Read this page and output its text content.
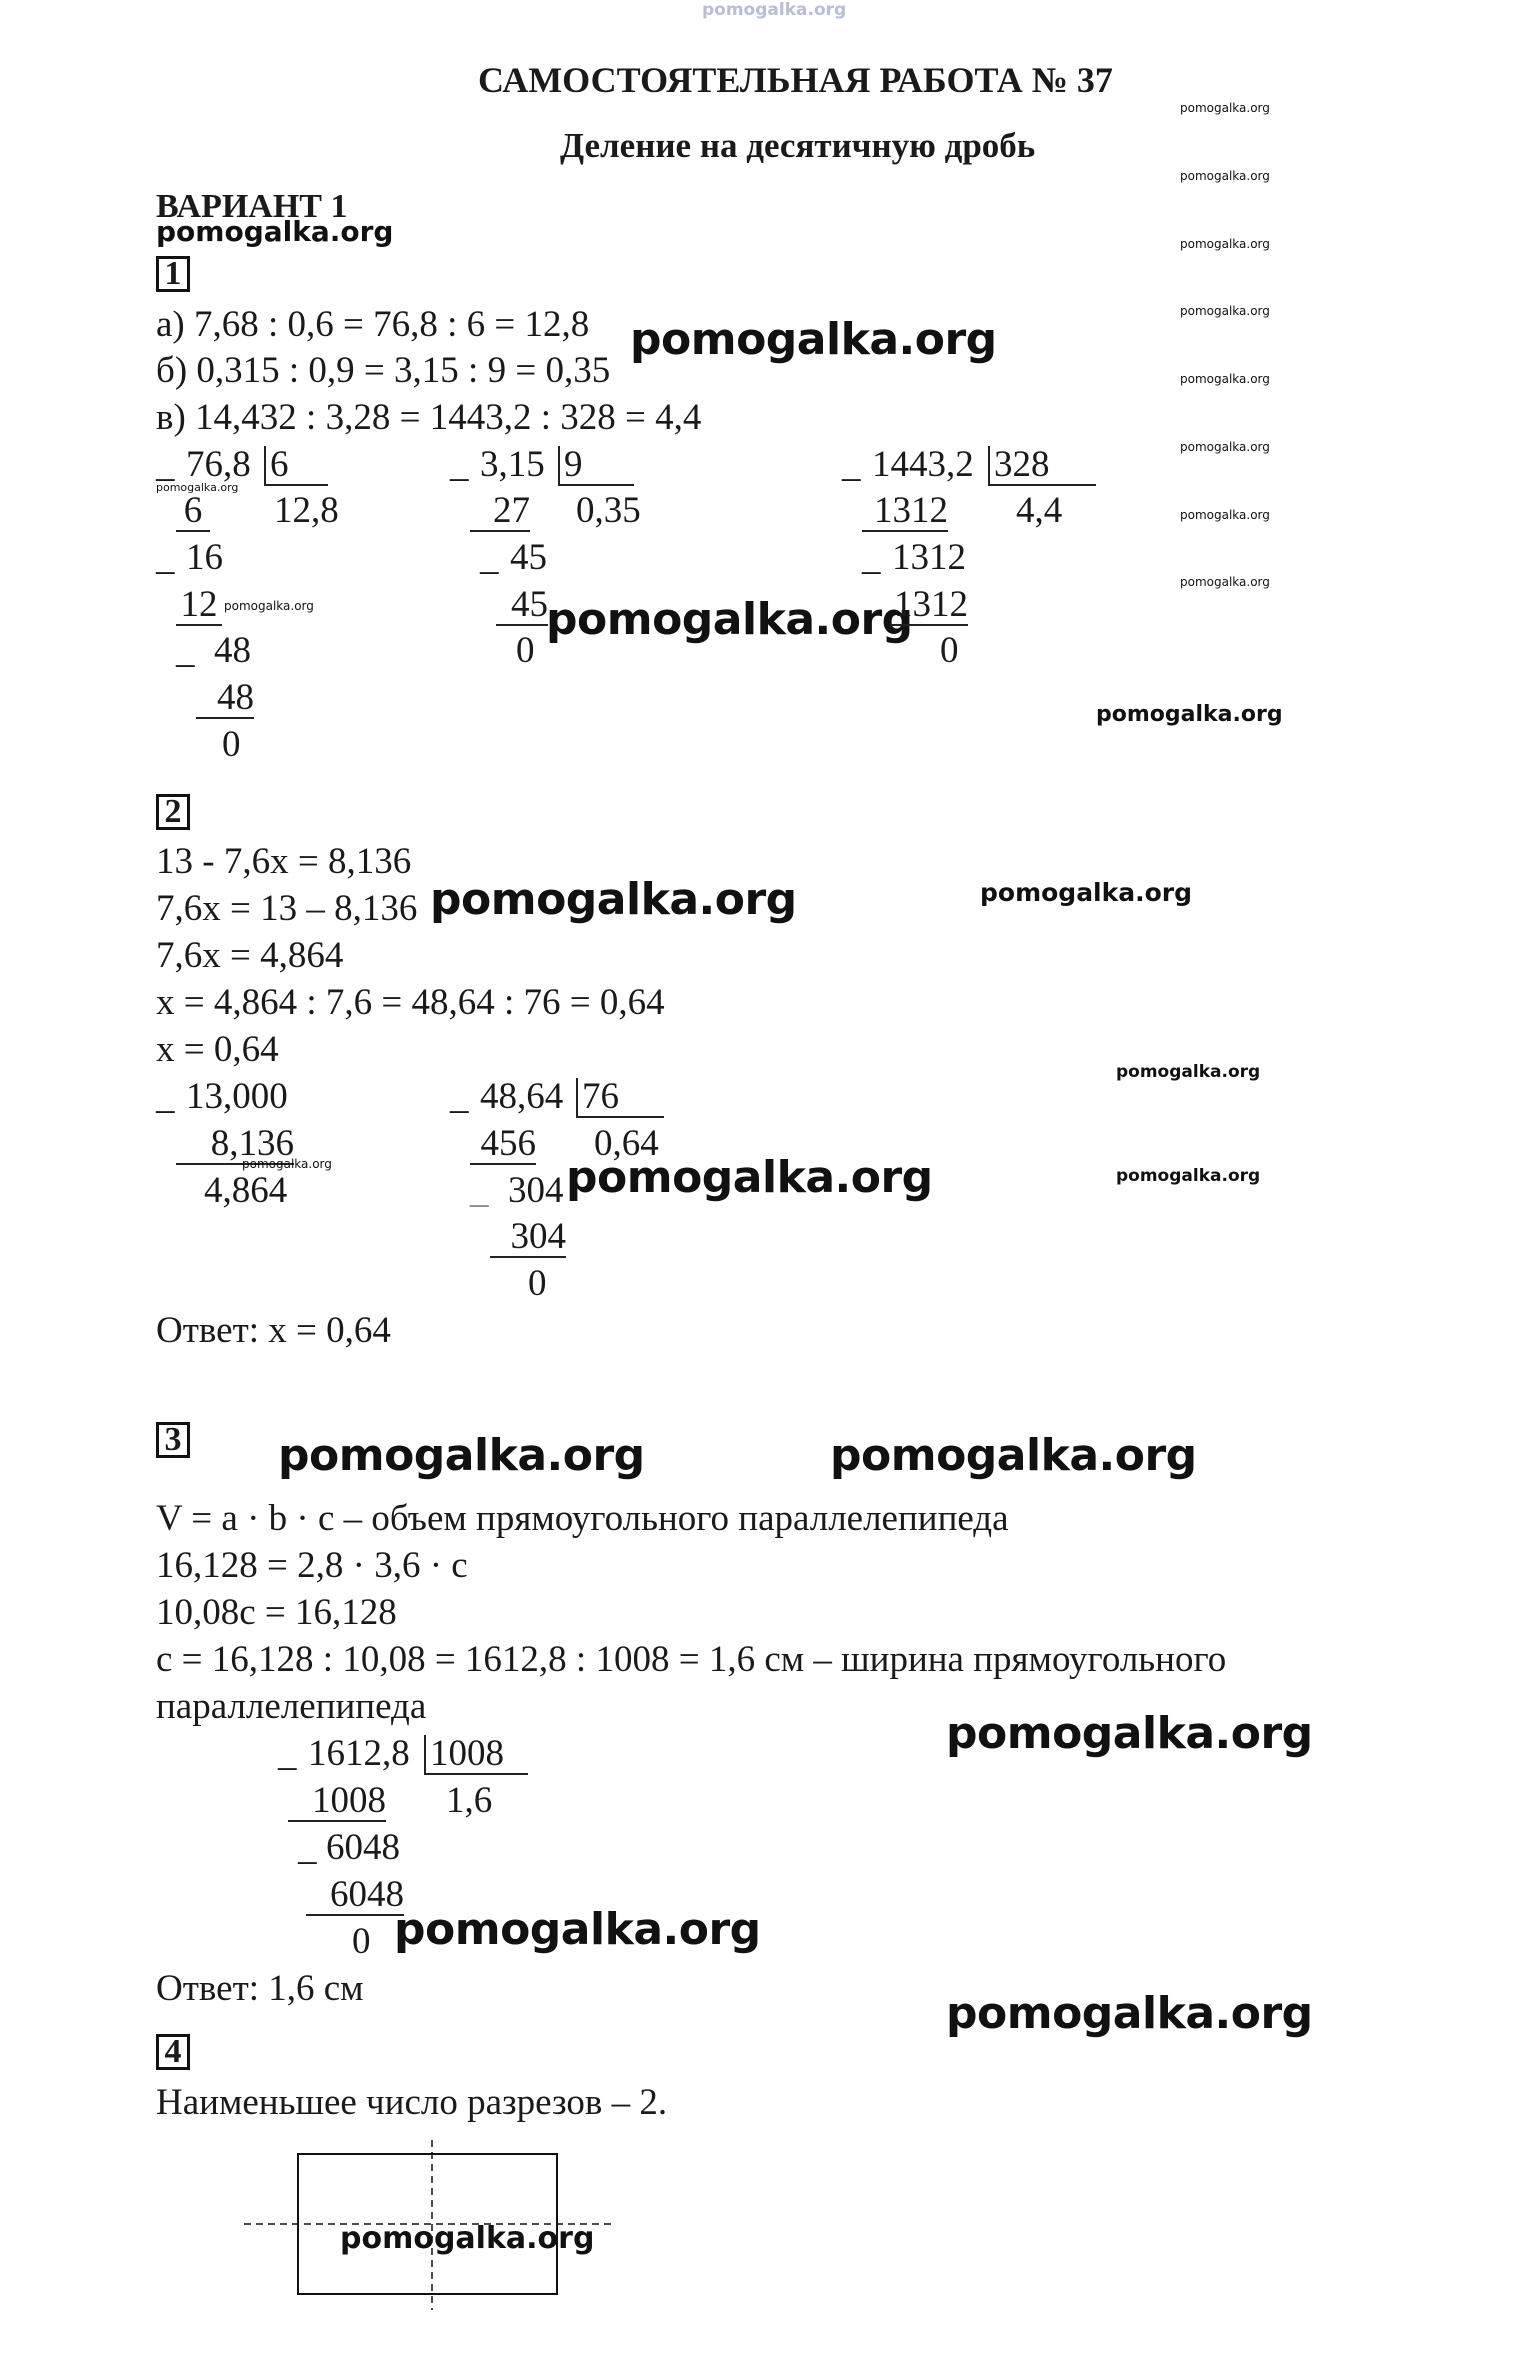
pomogalka.org
САМОСТОЯТЕЛЬНАЯ РАБОТА № 37
Деление на десятичную дробь
ВАРИАНТ 1
pomogalka.org
pomogalka.org
pomogalka.org
pomogalka.org
pomogalka.org
pomogalka.org
pomogalka.org
pomogalka.org
pomogalka.org
1
а) 7,68 : 0,6 = 76,8 : 6 = 12,8
б) 0,315 : 0,9 = 3,15 : 9 = 0,35
в) 14,432 : 3,28 = 1443,2 : 328 = 4,4
pomogalka.org
_ 76,8 6
pomogalka.org
6 12,8
_ 16
12 pomogalka.org
_ 48
48
0
_ 3,15 9
27 0,35
_ 45
45
0
pomogalka.org
_ 1443,2 328
1312 4,4
_ 1312
1312
0
pomogalka.org
2
13 - 7,6x = 8,136
7,6x = 13 – 8,136
7,6x = 4,864
x = 4,864 : 7,6 = 48,64 : 76 = 0,64
x = 0,64
pomogalka.org	pomogalka.org
pomogalka.org
pomogalka.org
_ 13,000
8,136
pomogalka.org
4,864
_ 48,64 76
456 0,64
_ 304
304
0
pomogalka.org
Ответ: x = 0,64
3 pomogalka.org	pomogalka.org
V = a · b · c – объем прямоугольного параллелепипеда
16,128 = 2,8 · 3,6 · c
10,08c = 16,128
c = 16,128 : 10,08 = 1612,8 : 1008 = 1,6 см – ширина прямоугольного
параллелепипеда
pomogalka.org
_ 1612,8 1008
1008 1,6
_ 6048
6048
0 pomogalka.org
Ответ: 1,6 см	pomogalka.org
4
Наименьшее число разрезов – 2.
pomogalka.org
